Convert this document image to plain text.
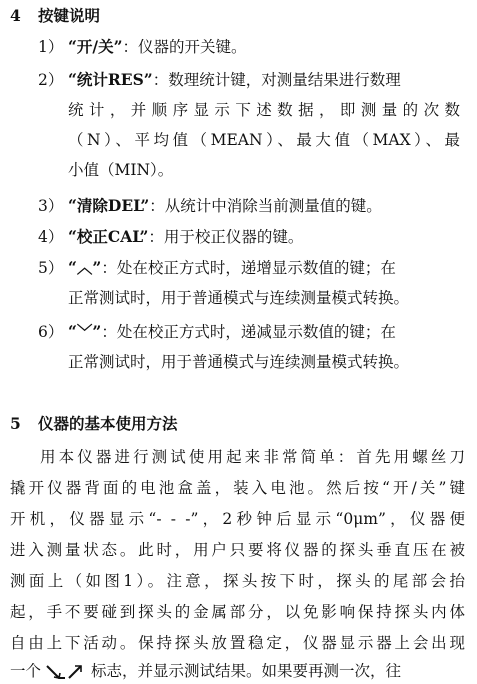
4 按键说明
1） “开/关”：仪器的开关键。
2） “统计RES”：数理统计键，对测量结果进行数理
统计，并顺序显示下述数据，即测量的次数
（N）、平均值（MEAN）、最大值（MAX）、最
小值（MIN）。
3） “清除DEL”：从统计中消除当前测量值的键。
4） “校正CAL”：用于校正仪器的键。
5） “︿”：处在校正方式时，递增显示数值的键；在
正常测试时，用于普通模式与连续测量模式转换。
6） “﹀”：处在校正方式时，递减显示数值的键；在
正常测试时，用于普通模式与连续测量模式转换。
5 仪器的基本使用方法
用本仪器进行测试使用起来非常简单：首先用螺丝刀
撬开仪器背面的电池盒盖，装入电池。然后按“开/关”键
开机，仪器显示“- - -”，2秒钟后显示“0μm”，仪器便
进入测量状态。此时，用户只要将仪器的探头垂直压在被
测面上（如图1）。注意，探头按下时，探头的尾部会抬
起，手不要碰到探头的金属部分，以免影响保持探头内体
自由上下活动。保持探头放置稳定，仪器显示器上会出现
一个	标志，并显示测试结果。如果要再测一次，往
